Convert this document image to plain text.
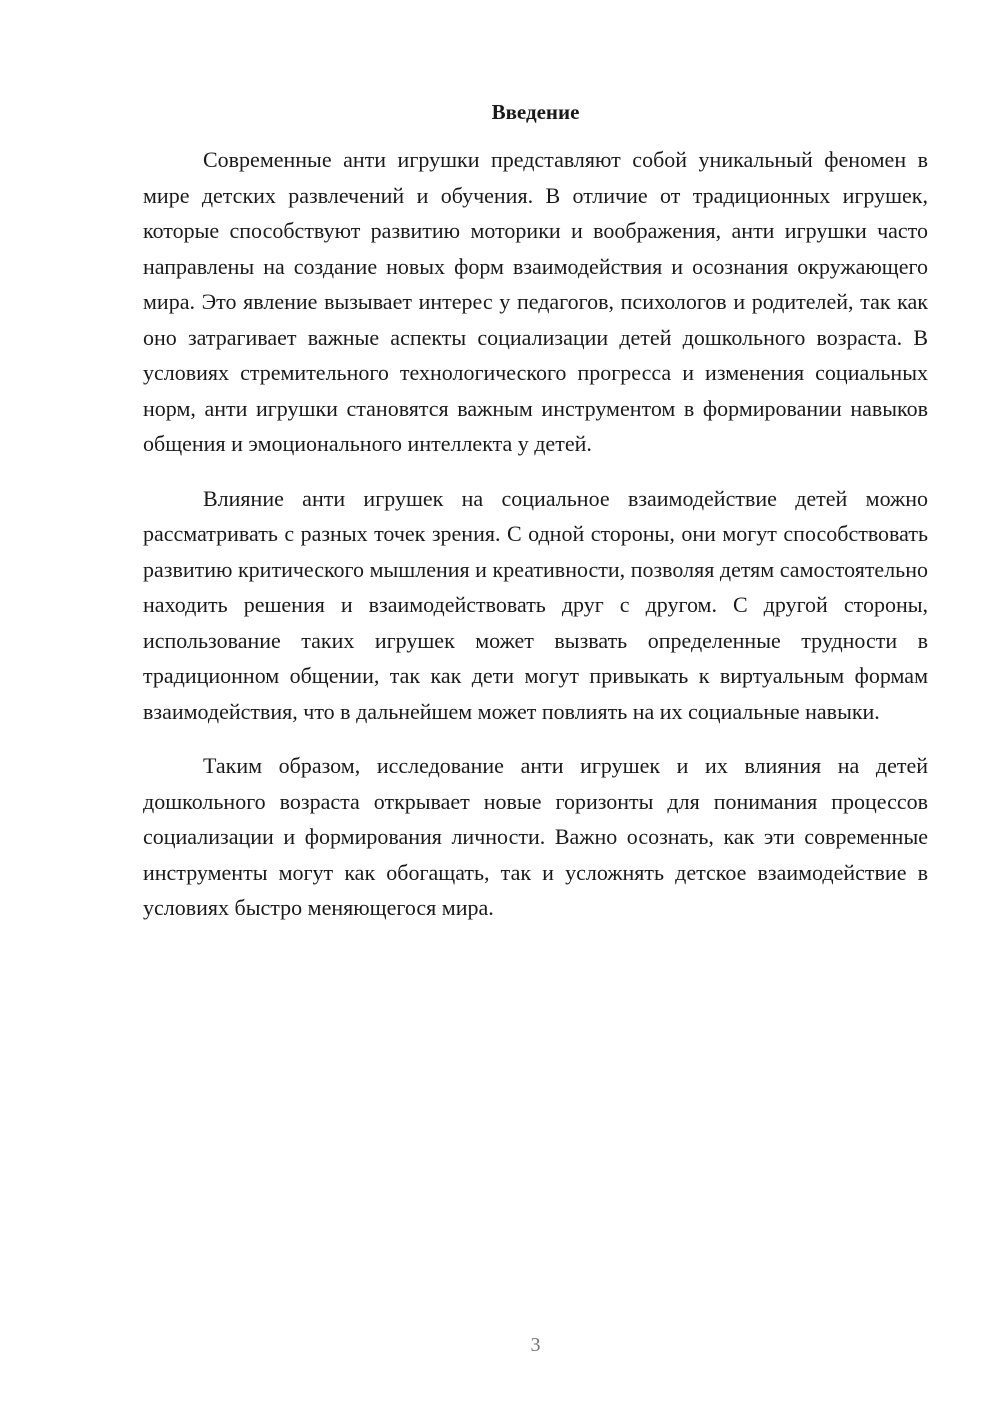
Введение

Современные анти игрушки представляют собой уникальный феномен в мире детских развлечений и обучения. В отличие от традиционных игрушек, которые способствуют развитию моторики и воображения, анти игрушки часто направлены на создание новых форм взаимодействия и осознания окружающего мира. Это явление вызывает интерес у педагогов, психологов и родителей, так как оно затрагивает важные аспекты социализации детей дошкольного возраста. В условиях стремительного технологического прогресса и изменения социальных норм, анти игрушки становятся важным инструментом в формировании навыков общения и эмоционального интеллекта у детей.

Влияние анти игрушек на социальное взаимодействие детей можно рассматривать с разных точек зрения. С одной стороны, они могут способствовать развитию критического мышления и креативности, позволяя детям самостоятельно находить решения и взаимодействовать друг с другом. С другой стороны, использование таких игрушек может вызвать определенные трудности в традиционном общении, так как дети могут привыкать к виртуальным формам взаимодействия, что в дальнейшем может повлиять на их социальные навыки.

Таким образом, исследование анти игрушек и их влияния на детей дошкольного возраста открывает новые горизонты для понимания процессов социализации и формирования личности. Важно осознать, как эти современные инструменты могут как обогащать, так и усложнять детское взаимодействие в условиях быстро меняющегося мира.

3
